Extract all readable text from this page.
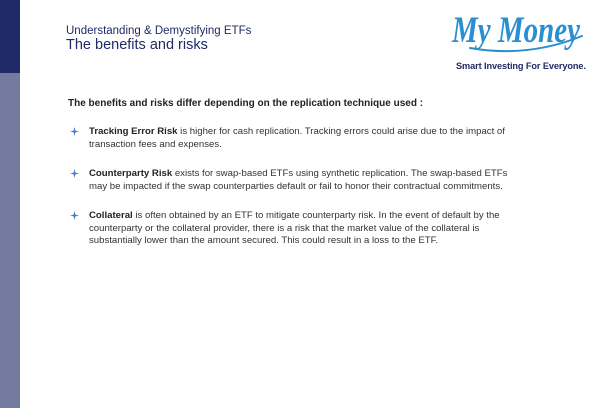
Understanding & Demystifying ETFs
The benefits and risks	My Money
Smart Investing For Everyone.

The benefits and risks differ depending on the replication technique used :

Tracking Error Risk is higher for cash replication. Tracking errors could arise due to the impact of transaction fees and expenses.
Counterparty Risk exists for swap-based ETFs using synthetic replication. The swap-based ETFs may be impacted if the swap counterparties default or fail to honor their contractual commitments.
Collateral is often obtained by an ETF to mitigate counterparty risk. In the event of default by the counterparty or the collateral provider, there is a risk that the market value of the collateral is substantially lower than the amount secured. This could result in a loss to the ETF.
